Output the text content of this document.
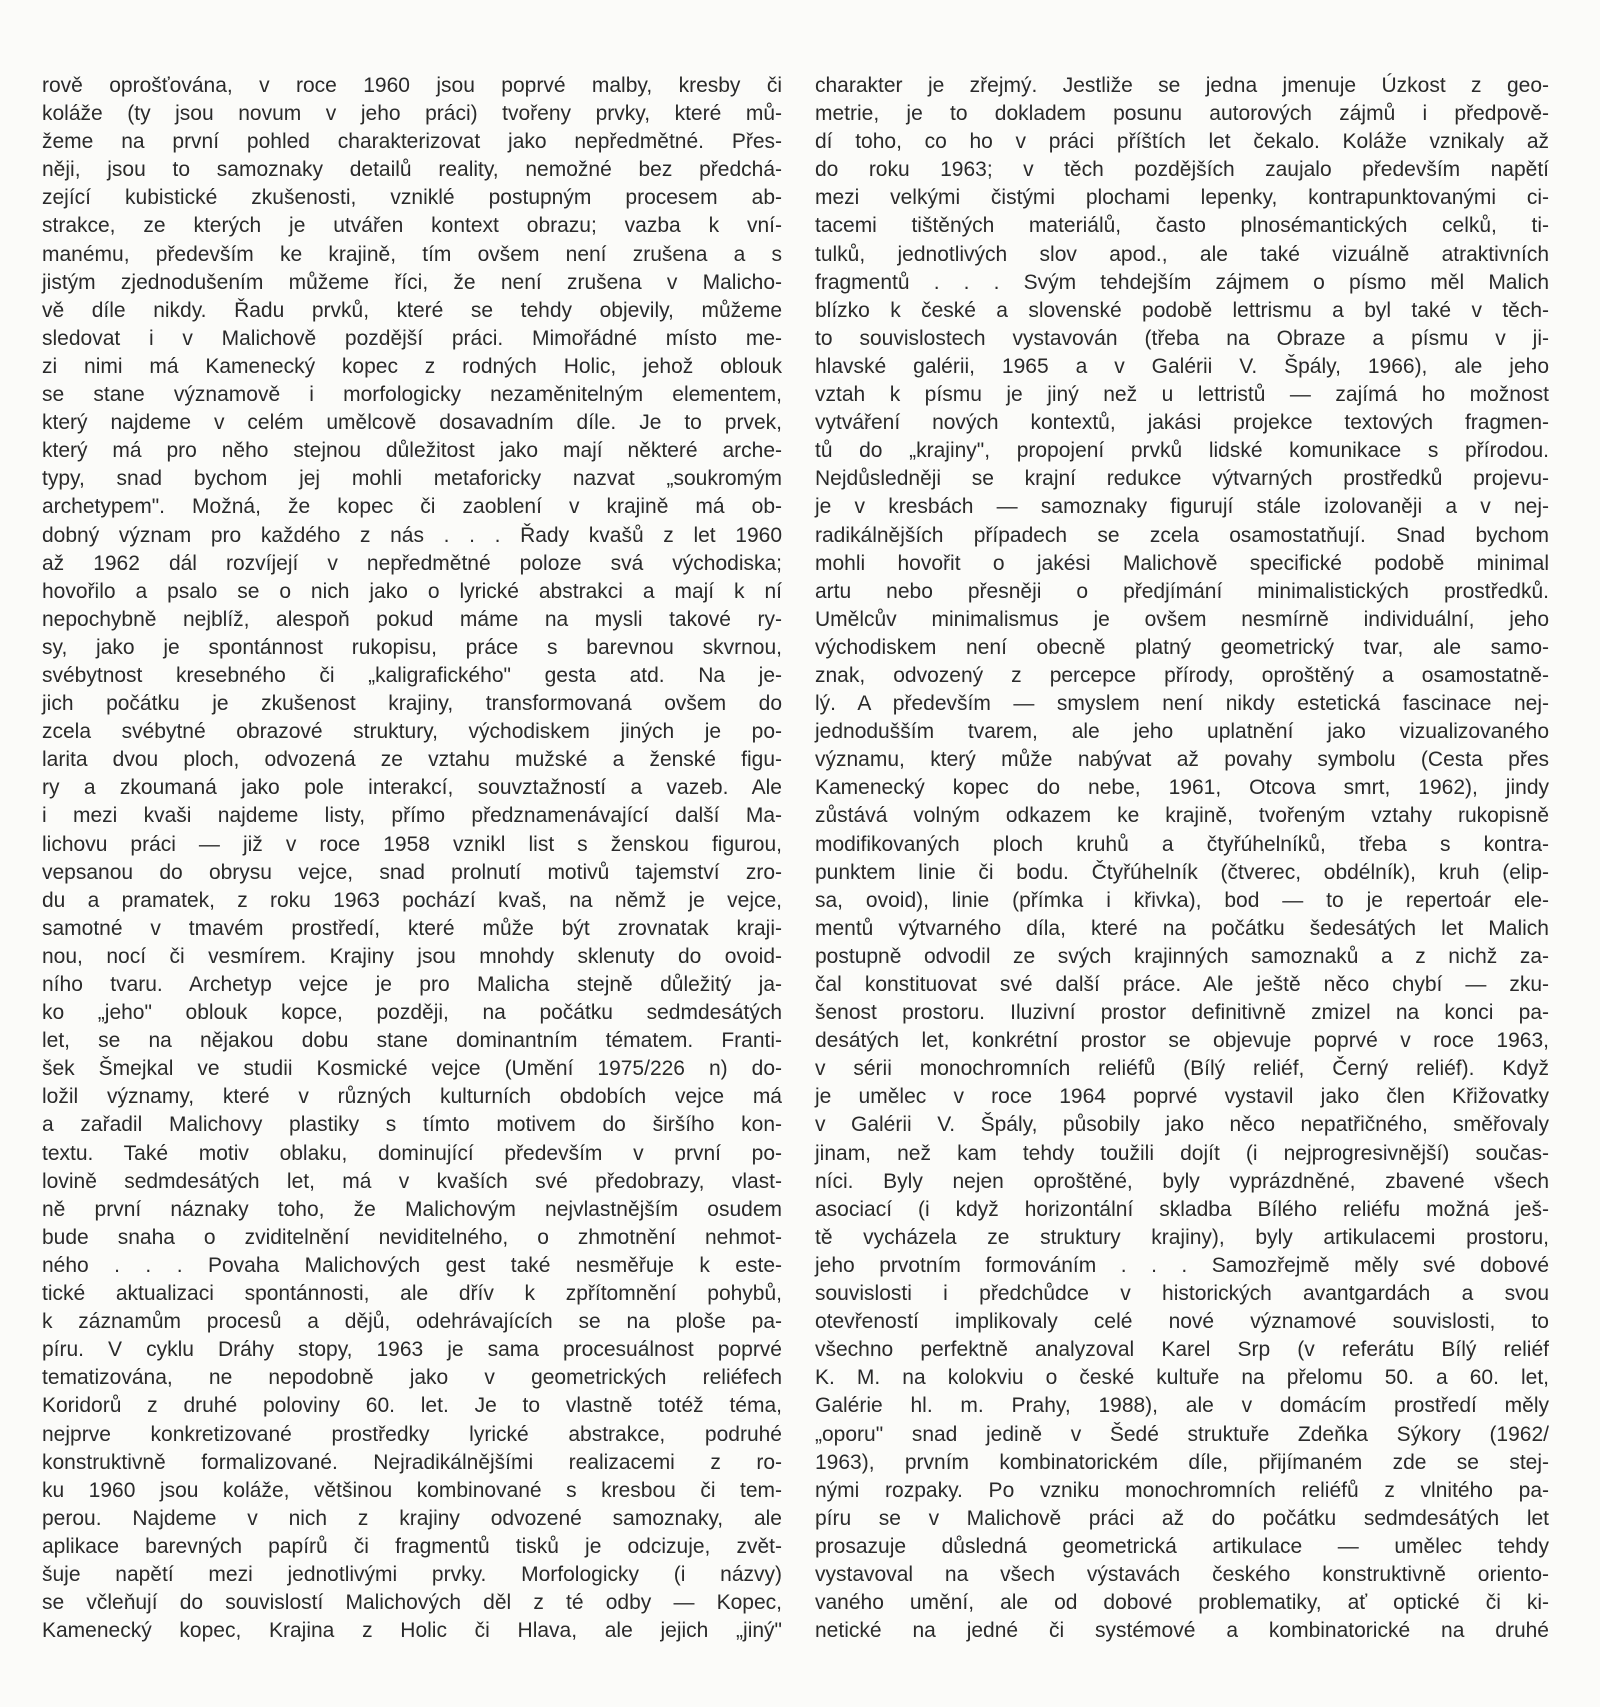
rově oprošťována, v roce 1960 jsou poprvé malby, kresby či
koláže (ty jsou novum v jeho práci) tvořeny prvky, které mů-
žeme na první pohled charakterizovat jako nepředmětné. Přes-
něji, jsou to samoznaky detailů reality, nemožné bez předchá-
zející kubistické zkušenosti, vzniklé postupným procesem ab-
strakce, ze kterých je utvářen kontext obrazu; vazba k vní-
manému, především ke krajině, tím ovšem není zrušena a s
jistým zjednodušením můžeme říci, že není zrušena v Malicho-
vě díle nikdy. Řadu prvků, které se tehdy objevily, můžeme
sledovat i v Malichově pozdější práci. Mimořádné místo me-
zi nimi má Kamenecký kopec z rodných Holic, jehož oblouk
se stane významově i morfologicky nezaměnitelným elementem,
který najdeme v celém umělcově dosavadním díle. Je to prvek,
který má pro něho stejnou důležitost jako mají některé arche-
typy, snad bychom jej mohli metaforicky nazvat „soukromým
archetypem". Možná, že kopec či zaoblení v krajině má ob-
dobný význam pro každého z nás . . . Řady kvašů z let 1960
až 1962 dál rozvíjejí v nepředmětné poloze svá východiska;
hovořilo a psalo se o nich jako o lyrické abstrakci a mají k ní
nepochybně nejblíž, alespoň pokud máme na mysli takové ry-
sy, jako je spontánnost rukopisu, práce s barevnou skvrnou,
svébytnost kresebného či „kaligrafického" gesta atd. Na je-
jich počátku je zkušenost krajiny, transformovaná ovšem do
zcela svébytné obrazové struktury, východiskem jiných je po-
larita dvou ploch, odvozená ze vztahu mužské a ženské figu-
ry a zkoumaná jako pole interakcí, souvztažností a vazeb. Ale
i mezi kvaši najdeme listy, přímo předznamenávající další Ma-
lichovu práci — již v roce 1958 vznikl list s ženskou figurou,
vepsanou do obrysu vejce, snad prolnutí motivů tajemství zro-
du a pramatek, z roku 1963 pochází kvaš, na němž je vejce,
samotné v tmavém prostředí, které může být zrovnatak kraji-
nou, nocí či vesmírem. Krajiny jsou mnohdy sklenuty do ovoid-
ního tvaru. Archetyp vejce je pro Malicha stejně důležitý ja-
ko „jeho" oblouk kopce, později, na počátku sedmdesátých
let, se na nějakou dobu stane dominantním tématem. Franti-
šek Šmejkal ve studii Kosmické vejce (Umění 1975/226 n) do-
ložil významy, které v různých kulturních obdobích vejce má
a zařadil Malichovy plastiky s tímto motivem do širšího kon-
textu. Také motiv oblaku, dominující především v první po-
lovině sedmdesátých let, má v kvaších své předobrazy, vlast-
ně první náznaky toho, že Malichovým nejvlastnějším osudem
bude snaha o zviditelnění neviditelného, o zhmotnění nehmot-
ného . . . Povaha Malichových gest také nesměřuje k este-
tické aktualizaci spontánnosti, ale dřív k zpřítomnění pohybů,
k záznamům procesů a dějů, odehrávajících se na ploše pa-
píru. V cyklu Dráhy stopy, 1963 je sama procesuálnost poprvé
tematizována, ne nepodobně jako v geometrických reliéfech
Koridorů z druhé poloviny 60. let. Je to vlastně totéž téma,
nejprve konkretizované prostředky lyrické abstrakce, podruhé
konstruktivně formalizované. Nejradikálnějšími realizacemi z ro-
ku 1960 jsou koláže, většinou kombinované s kresbou či tem-
perou. Najdeme v nich z krajiny odvozené samoznaky, ale
aplikace barevných papírů či fragmentů tisků je odcizuje, zvět-
šuje napětí mezi jednotlivými prvky. Morfologicky (i názvy)
se včleňují do souvislostí Malichových děl z té odby — Kopec,
Kamenecký kopec, Krajina z Holic či Hlava, ale jejich „jiný"
charakter je zřejmý. Jestliže se jedna jmenuje Úzkost z geo-
metrie, je to dokladem posunu autorových zájmů i předpově-
dí toho, co ho v práci příštích let čekalo. Koláže vznikaly až
do roku 1963; v těch pozdějších zaujalo především napětí
mezi velkými čistými plochami lepenky, kontrapunktovanými ci-
tacemi tištěných materiálů, často plnosémantických celků, ti-
tulků, jednotlivých slov apod., ale také vizuálně atraktivních
fragmentů . . . Svým tehdejším zájmem o písmo měl Malich
blízko k české a slovenské podobě lettrismu a byl také v těch-
to souvislostech vystavován (třeba na Obraze a písmu v ji-
hlavské galérii, 1965 a v Galérii V. Špály, 1966), ale jeho
vztah k písmu je jiný než u lettristů — zajímá ho možnost
vytváření nových kontextů, jakási projekce textových fragmen-
tů do „krajiny", propojení prvků lidské komunikace s přírodou.
Nejdůsledněji se krajní redukce výtvarných prostředků projevu-
je v kresbách — samoznaky figurují stále izolovaněji a v nej-
radikálnějších případech se zcela osamostatňují. Snad bychom
mohli hovořit o jakési Malichově specifické podobě minimal
artu nebo přesněji o předjímání minimalistických prostředků.
Umělcův minimalismus je ovšem nesmírně individuální, jeho
východiskem není obecně platný geometrický tvar, ale samo-
znak, odvozený z percepce přírody, oproštěný a osamostatně-
lý. A především — smyslem není nikdy estetická fascinace nej-
jednodušším tvarem, ale jeho uplatnění jako vizualizovaného
významu, který může nabývat až povahy symbolu (Cesta přes
Kamenecký kopec do nebe, 1961, Otcova smrt, 1962), jindy
zůstává volným odkazem ke krajině, tvořeným vztahy rukopisně
modifikovaných ploch kruhů a čtyřúhelníků, třeba s kontra-
punktem linie či bodu. Čtyřúhelník (čtverec, obdélník), kruh (elip-
sa, ovoid), linie (přímka i křivka), bod — to je repertoár ele-
mentů výtvarného díla, které na počátku šedesátých let Malich
postupně odvodil ze svých krajinných samoznaků a z nichž za-
čal konstituovat své další práce. Ale ještě něco chybí — zku-
šenost prostoru. Iluzivní prostor definitivně zmizel na konci pa-
desátých let, konkrétní prostor se objevuje poprvé v roce 1963,
v sérii monochromních reliéfů (Bílý reliéf, Černý reliéf). Když
je umělec v roce 1964 poprvé vystavil jako člen Křižovatky
v Galérii V. Špály, působily jako něco nepatřičného, směřovaly
jinam, než kam tehdy toužili dojít (i nejprogresivnější) součas-
níci. Byly nejen oproštěné, byly vyprázdněné, zbavené všech
asociací (i když horizontální skladba Bílého reliéfu možná ješ-
tě vycházela ze struktury krajiny), byly artikulacemi prostoru,
jeho prvotním formováním . . . Samozřejmě měly své dobové
souvislosti i předchůdce v historických avantgardách a svou
otevřeností implikovaly celé nové významové souvislosti, to
všechno perfektně analyzoval Karel Srp (v referátu Bílý reliéf
K. M. na kolokviu o české kultuře na přelomu 50. a 60. let,
Galérie hl. m. Prahy, 1988), ale v domácím prostředí měly
„oporu" snad jedině v Šedé struktuře Zdeňka Sýkory (1962/
1963), prvním kombinatorickém díle, přijímaném zde se stej-
nými rozpaky. Po vzniku monochromních reliéfů z vlnitého pa-
píru se v Malichově práci až do počátku sedmdesátých let
prosazuje důsledná geometrická artikulace — umělec tehdy
vystavoval na všech výstavách českého konstruktivně oriento-
vaného umění, ale od dobové problematiky, ať optické či ki-
netické na jedné či systémové a kombinatorické na druhé
